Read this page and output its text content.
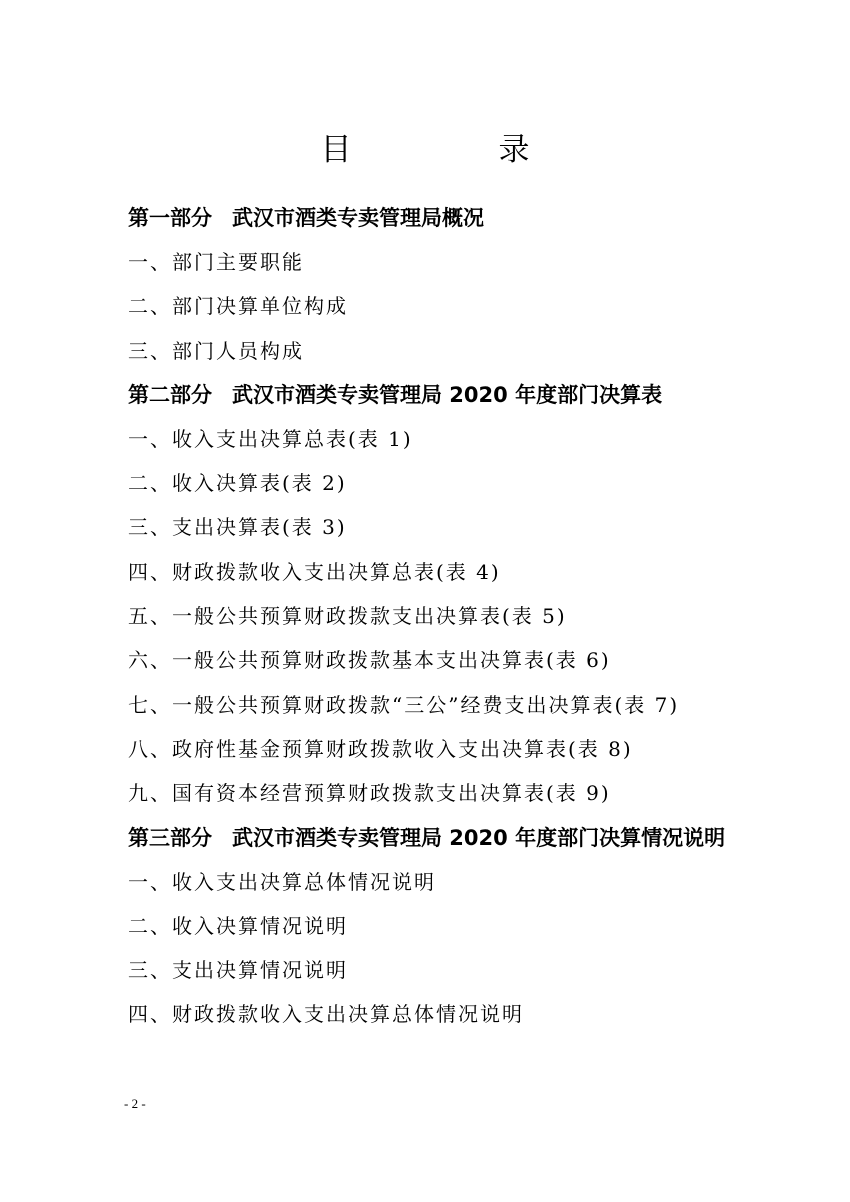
目　录
第一部分 武汉市酒类专卖管理局概况
一、部门主要职能
二、部门决算单位构成
三、部门人员构成
第二部分 武汉市酒类专卖管理局 2020 年度部门决算表
一、收入支出决算总表(表 1)
二、收入决算表(表 2)
三、支出决算表(表 3)
四、财政拨款收入支出决算总表(表 4)
五、一般公共预算财政拨款支出决算表(表 5)
六、一般公共预算财政拨款基本支出决算表(表 6)
七、一般公共预算财政拨款“三公”经费支出决算表(表 7)
八、政府性基金预算财政拨款收入支出决算表(表 8)
九、国有资本经营预算财政拨款支出决算表(表 9)
第三部分 武汉市酒类专卖管理局 2020 年度部门决算情况说明
一、收入支出决算总体情况说明
二、收入决算情况说明
三、支出决算情况说明
四、财政拨款收入支出决算总体情况说明
- 2 -
